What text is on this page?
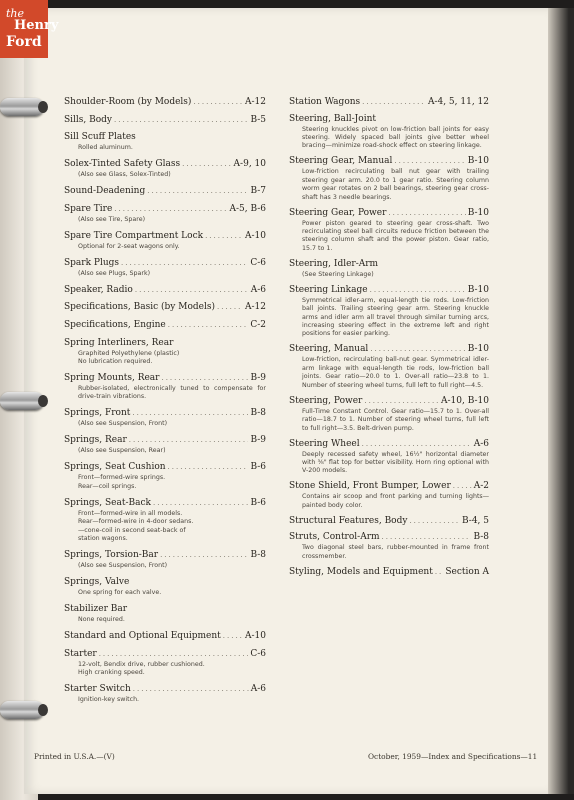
the
Henry
Ford
Shoulder-Room (by Models) .....	A-12
Sills, Body .....	B-5
Sill Scuff Plates
Rolled aluminum.
Solex-Tinted Safety Glass .....	A-9, 10
(Also see Glass, Solex-Tinted)
Sound-Deadening .....	B-7
Spare Tire .....	A-5, B-6
(Also see Tire, Spare)
Spare Tire Compartment Lock .....	A-10
Optional for 2-seat wagons only.
Spark Plugs .....	C-6
(Also see Plugs, Spark)
Speaker, Radio .....	A-6
Specifications, Basic (by Models) .....	A-12
Specifications, Engine .....	C-2
Spring Interliners, Rear
Graphited Polyethylene (plastic)
No lubrication required.
Spring Mounts, Rear .....	B-9
Rubber-isolated, electronically tuned to compensate for drive-train vibrations.
Springs, Front .....	B-8
(Also see Suspension, Front)
Springs, Rear .....	B-9
(Also see Suspension, Rear)
Springs, Seat Cushion .....	B-6
Front—formed-wire springs.
Rear—coil springs.
Springs, Seat-Back .....	B-6
Front—formed-wire in all models.
Rear—formed-wire in 4-door sedans.
—cone-coil in second seat-back of
station wagons.
Springs, Torsion-Bar .....	B-8
(Also see Suspension, Front)
Springs, Valve
One spring for each valve.
Stabilizer Bar
None required.
Standard and Optional Equipment .....	A-10
Starter .....	C-6
12-volt, Bendix drive, rubber cushioned.
High cranking speed.
Starter Switch .....	A-6
Ignition-key switch.
Station Wagons .....	A-4, 5, 11, 12
Steering, Ball-Joint
Steering knuckles pivot on low-friction ball joints for easy steering. Widely spaced ball joints give better wheel bracing—minimize road-shock effect on steering linkage.
Steering Gear, Manual .....	B-10
Low-friction recirculating ball nut gear with trailing steering gear arm. 20.0 to 1 gear ratio. Steering column worm gear rotates on 2 ball bearings, steering gear cross-shaft has 3 needle bearings.
Steering Gear, Power .....	B-10
Power piston geared to steering gear cross-shaft. Two recirculating steel ball circuits reduce friction between the steering column shaft and the power piston. Gear ratio, 15.7 to 1.
Steering, Idler-Arm
(See Steering Linkage)
Steering Linkage .....	B-10
Symmetrical idler-arm, equal-length tie rods. Low-friction ball joints. Trailing steering gear arm. Steering knuckle arms and idler arm all travel through similar turning arcs, increasing steering effect in the extreme left and right positions for easier parking.
Steering, Manual .....	B-10
Low-friction, recirculating ball-nut gear. Symmetrical idler-arm linkage with equal-length tie rods, low-friction ball joints. Gear ratio—20.0 to 1. Over-all ratio—23.8 to 1. Number of steering wheel turns, full left to full right—4.5.
Steering, Power .....	A-10, B-10
Full-Time Constant Control. Gear ratio—15.7 to 1. Over-all ratio—18.7 to 1. Number of steering wheel turns, full left to full right—3.5. Belt-driven pump.
Steering Wheel .....	A-6
Deeply recessed safety wheel, 16½" horizontal diameter with ⅜" flat top for better visibility. Horn ring optional with V-200 models.
Stone Shield, Front Bumper, Lower .....	A-2
Contains air scoop and front parking and turning lights—painted body color.
Structural Features, Body .....	B-4, 5
Struts, Control-Arm .....	B-8
Two diagonal steel bars, rubber-mounted in frame front crossmember.
Styling, Models and Equipment ..... Section A
Printed in U.S.A.—(V)	October, 1959—Index and Specifications—11
